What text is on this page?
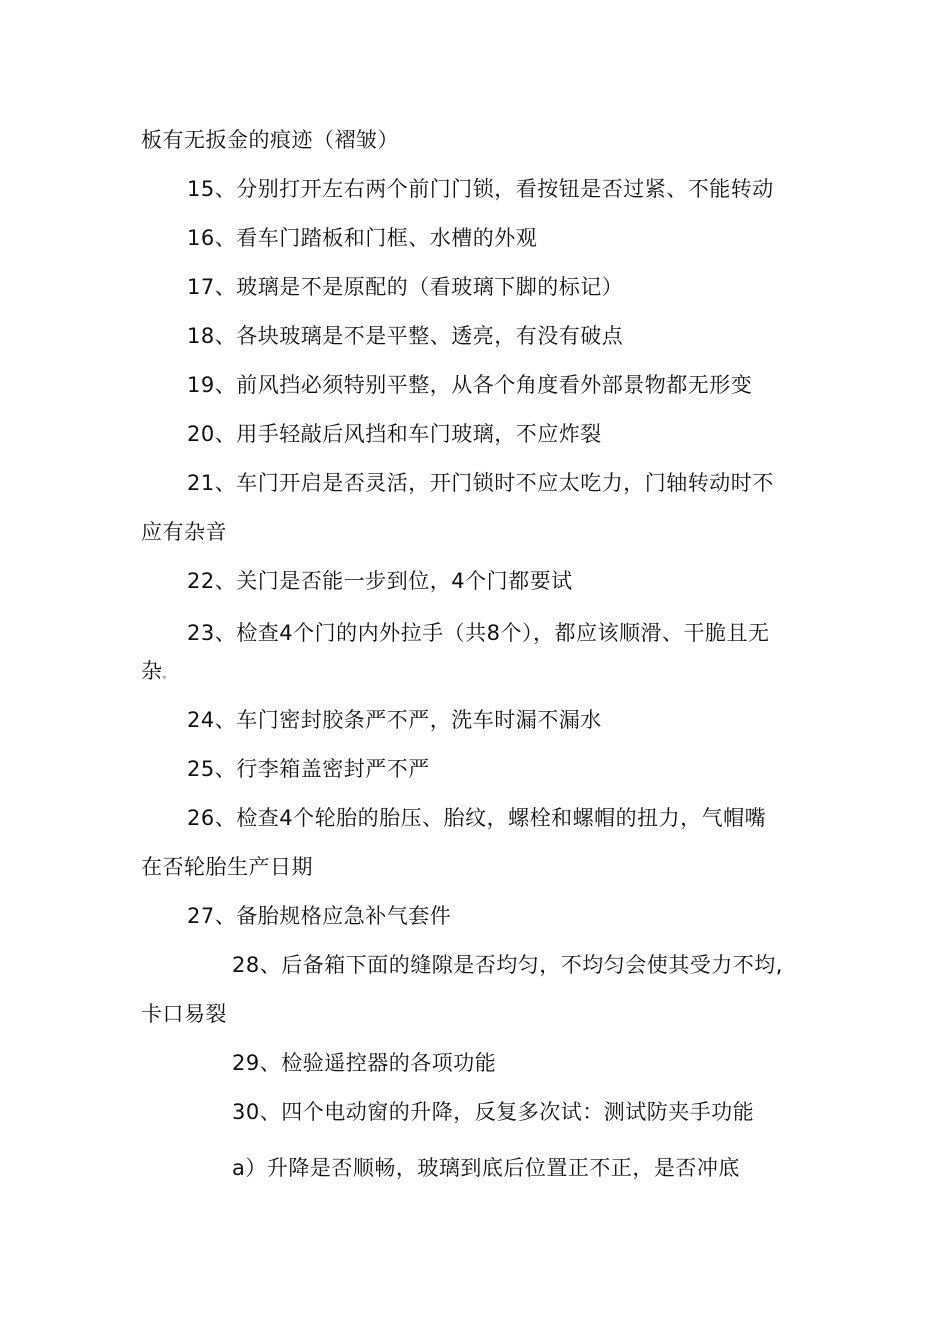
板有无扳金的痕迹（褶皱）
15、分别打开左右两个前门门锁，看按钮是否过紧、不能转动
16、看车门踏板和门框、水槽的外观
17、玻璃是不是原配的（看玻璃下脚的标记）
18、各块玻璃是不是平整、透亮，有没有破点
19、前风挡必须特别平整，从各个角度看外部景物都无形变
20、用手轻敲后风挡和车门玻璃，不应炸裂
21、车门开启是否灵活，开门锁时不应太吃力，门轴转动时不
应有杂音
22、关门是否能一步到位，4个门都要试
23、检查4个门的内外拉手（共8个），都应该顺滑、干脆且无
杂。
24、车门密封胶条严不严，洗车时漏不漏水
25、行李箱盖密封严不严
26、检查4个轮胎的胎压、胎纹，螺栓和螺帽的扭力，气帽嘴
在否轮胎生产日期
27、备胎规格应急补气套件
28、后备箱下面的缝隙是否均匀，不均匀会使其受力不均,
卡口易裂
29、检验遥控器的各项功能
30、四个电动窗的升降，反复多次试：测试防夹手功能
a）升降是否顺畅，玻璃到底后位置正不正，是否冲底
